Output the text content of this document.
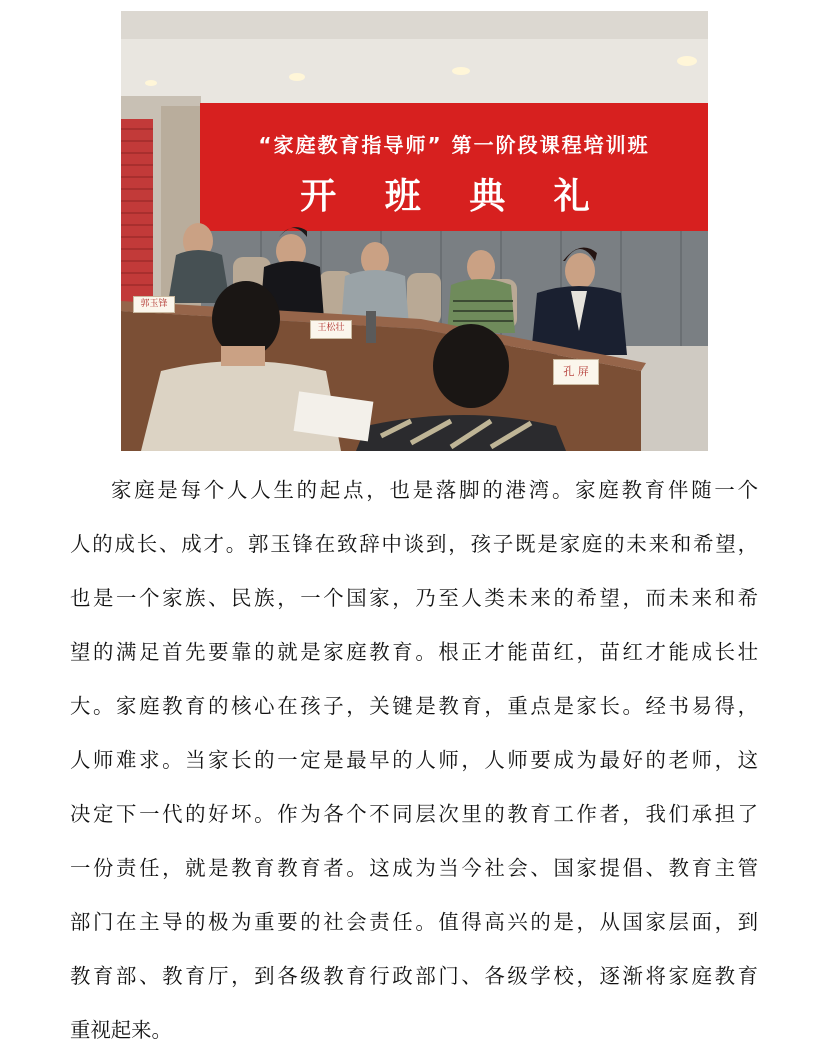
“家庭教育指导师” 第一阶段课程培训班
开 班 典 礼
郭玉锋
王松壮
孔 屏
家庭是每个人人生的起点，也是落脚的港湾。家庭教育伴随一个
人的成长、成才。郭玉锋在致辞中谈到，孩子既是家庭的未来和希望，
也是一个家族、民族，一个国家，乃至人类未来的希望，而未来和希
望的满足首先要靠的就是家庭教育。根正才能苗红，苗红才能成长壮
大。家庭教育的核心在孩子，关键是教育，重点是家长。经书易得，
人师难求。当家长的一定是最早的人师，人师要成为最好的老师，这
决定下一代的好坏。作为各个不同层次里的教育工作者，我们承担了
一份责任，就是教育教育者。这成为当今社会、国家提倡、教育主管
部门在主导的极为重要的社会责任。值得高兴的是，从国家层面，到
教育部、教育厅，到各级教育行政部门、各级学校，逐渐将家庭教育
重视起来。
